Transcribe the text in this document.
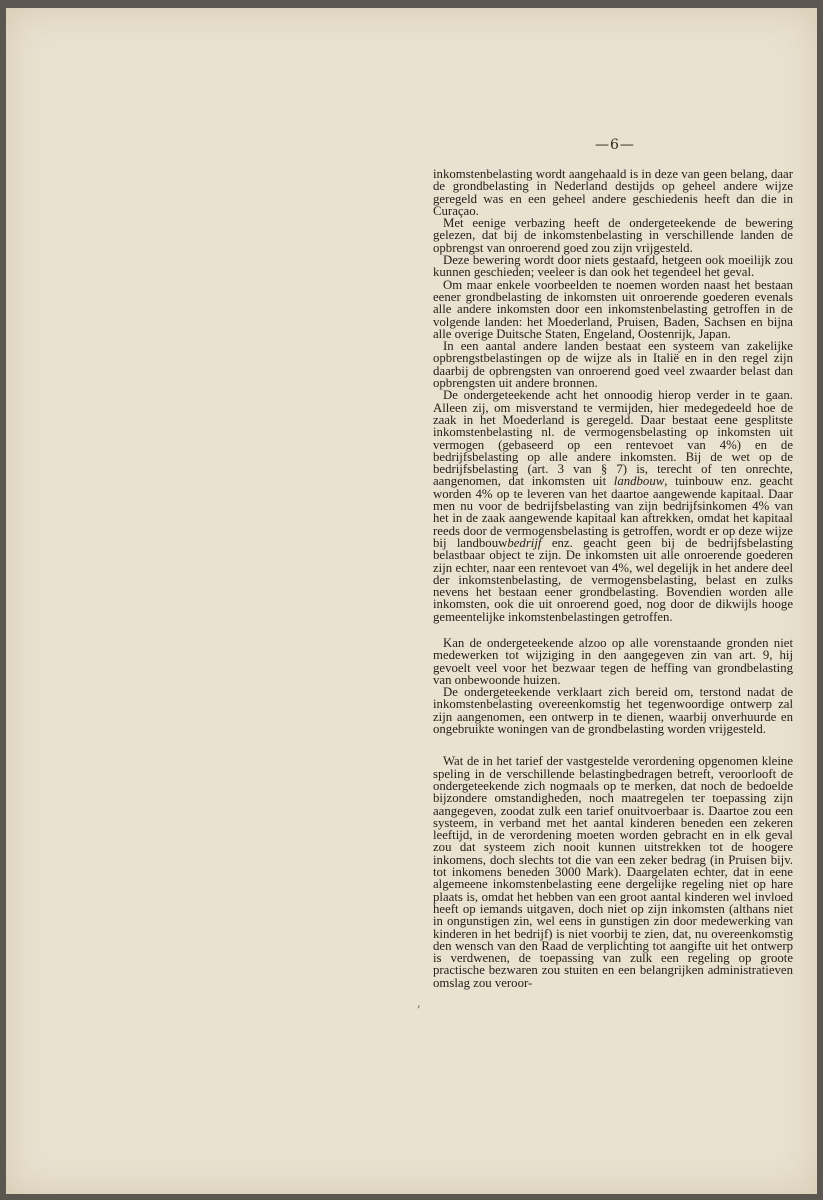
—6—

inkomstenbelasting wordt aangehaald is in deze van geen belang, daar de grondbelasting in Nederland destijds op geheel andere wijze geregeld was en een geheel andere geschiedenis heeft dan die in Curaçao.

Met eenige verbazing heeft de ondergeteekende de bewering gelezen, dat bij de inkomstenbelasting in verschillende landen de opbrengst van onroerend goed zou zijn vrijgesteld.

Deze bewering wordt door niets gestaafd, hetgeen ook moeilijk zou kunnen geschieden; veeleer is dan ook het tegendeel het geval.

Om maar enkele voorbeelden te noemen worden naast het bestaan eener grondbelasting de inkomsten uit onroerende goederen evenals alle andere inkomsten door een inkomstenbelasting getroffen in de volgende landen: het Moederland, Pruisen, Baden, Sachsen en bijna alle overige Duitsche Staten, Engeland, Oostenrijk, Japan.

In een aantal andere landen bestaat een systeem van zakelijke opbrengstbelastingen op de wijze als in Italië en in den regel zijn daarbij de opbrengsten van onroerend goed veel zwaarder belast dan opbrengsten uit andere bronnen.

De ondergeteekende acht het onnoodig hierop verder in te gaan. Alleen zij, om misverstand te vermijden, hier medegedeeld hoe de zaak in het Moederland is geregeld. Daar bestaat eene gesplitste inkomstenbelasting nl. de vermogensbelasting op inkomsten uit vermogen (gebaseerd op een rentevoet van 4%) en de bedrijfsbelasting op alle andere inkomsten. Bij de wet op de bedrijfsbelasting (art. 3 van § 7) is, terecht of ten onrechte, aangenomen, dat inkomsten uit landbouw, tuinbouw enz. geacht worden 4% op te leveren van het daartoe aangewende kapitaal. Daar men nu voor de bedrijfsbelasting van zijn bedrijfsinkomen 4% van het in de zaak aangewende kapitaal kan aftrekken, omdat het kapitaal reeds door de vermogensbelasting is getroffen, wordt er op deze wijze bij landbouwbedrijf enz. geacht geen bij de bedrijfsbelasting belastbaar object te zijn. De inkomsten uit alle onroerende goederen zijn echter, naar een rentevoet van 4%, wel degelijk in het andere deel der inkomstenbelasting, de vermogensbelasting, belast en zulks nevens het bestaan eener grondbelasting. Bovendien worden alle inkomsten, ook die uit onroerend goed, nog door de dikwijls hooge gemeentelijke inkomstenbelastingen getroffen.

Kan de ondergeteekende alzoo op alle vorenstaande gronden niet medewerken tot wijziging in den aangegeven zin van art. 9, hij gevoelt veel voor het bezwaar tegen de heffing van grondbelasting van onbewoonde huizen.

De ondergeteekende verklaart zich bereid om, terstond nadat de inkomstenbelasting overeenkomstig het tegenwoordige ontwerp zal zijn aangenomen, een ontwerp in te dienen, waarbij onverhuurde en ongebruikte woningen van de grondbelasting worden vrijgesteld.

Wat de in het tarief der vastgestelde verordening opgenomen kleine speling in de verschillende belastingbedragen betreft, veroorlooft de ondergeteekende zich nogmaals op te merken, dat noch de bedoelde bijzondere omstandigheden, noch maatregelen ter toepassing zijn aangegeven, zoodat zulk een tarief onuitvoerbaar is. Daartoe zou een systeem, in verband met het aantal kinderen beneden een zekeren leeftijd, in de verordening moeten worden gebracht en in elk geval zou dat systeem zich nooit kunnen uitstrekken tot de hoogere inkomens, doch slechts tot die van een zeker bedrag (in Pruisen bijv. tot inkomens beneden 3000 Mark). Daargelaten echter, dat in eene algemeene inkomstenbelasting eene dergelijke regeling niet op hare plaats is, omdat het hebben van een groot aantal kinderen wel invloed heeft op iemands uitgaven, doch niet op zijn inkomsten (althans niet in ongunstigen zin, wel eens in gunstigen zin door medewerking van kinderen in het bedrijf) is niet voorbij te zien, dat, nu overeenkomstig den wensch van den Raad de verplichting tot aangifte uit het ontwerp is verdwenen, de toepassing van zulk een regeling op groote practische bezwaren zou stuiten en een belangrijken administratieven omslag zou veroor-

,
